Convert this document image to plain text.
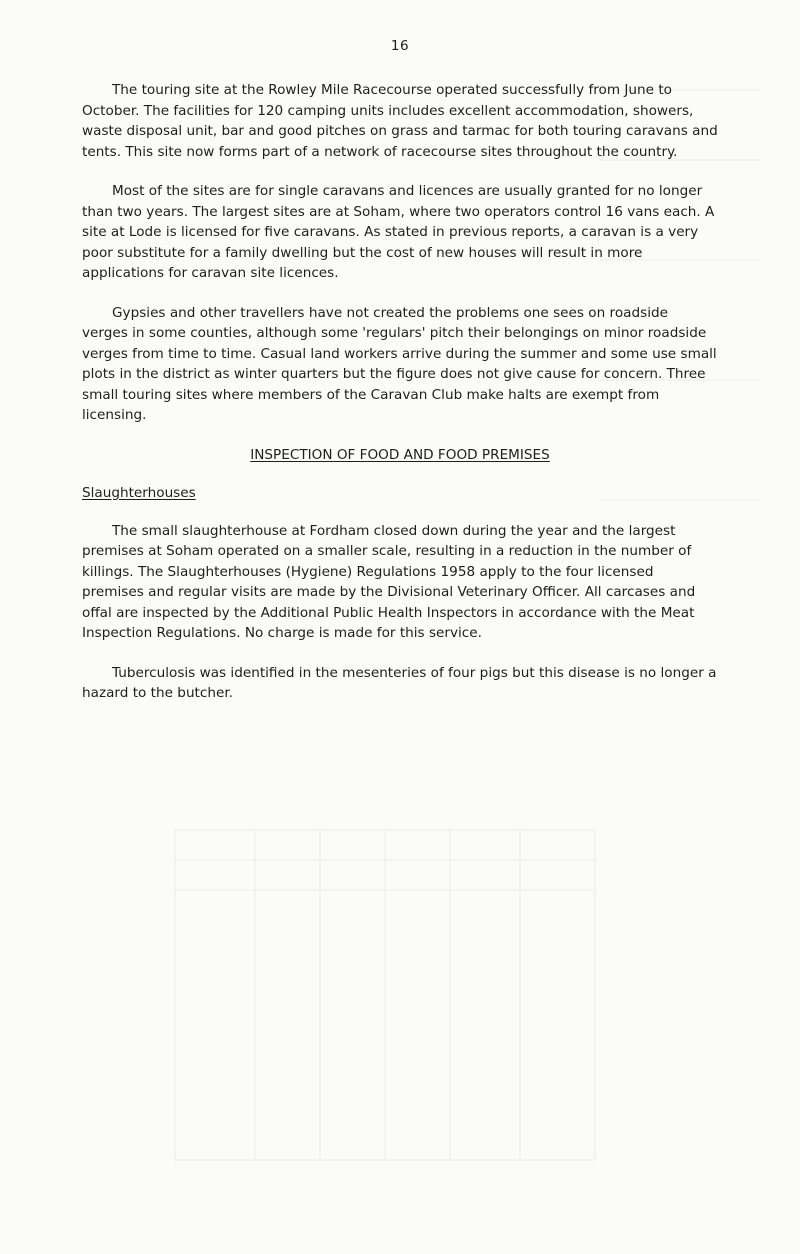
16

The touring site at the Rowley Mile Racecourse operated successfully from June to October. The facilities for 120 camping units includes excellent accommodation, showers, waste disposal unit, bar and good pitches on grass and tarmac for both touring caravans and tents. This site now forms part of a network of racecourse sites throughout the country.

Most of the sites are for single caravans and licences are usually granted for no longer than two years. The largest sites are at Soham, where two operators control 16 vans each. A site at Lode is licensed for five caravans. As stated in previous reports, a caravan is a very poor substitute for a family dwelling but the cost of new houses will result in more applications for caravan site licences.

Gypsies and other travellers have not created the problems one sees on roadside verges in some counties, although some 'regulars' pitch their belongings on minor roadside verges from time to time. Casual land workers arrive during the summer and some use small plots in the district as winter quarters but the figure does not give cause for concern. Three small touring sites where members of the Caravan Club make halts are exempt from licensing.

INSPECTION OF FOOD AND FOOD PREMISES
Slaughterhouses

The small slaughterhouse at Fordham closed down during the year and the largest premises at Soham operated on a smaller scale, resulting in a reduction in the number of killings. The Slaughterhouses (Hygiene) Regulations 1958 apply to the four licensed premises and regular visits are made by the Divisional Veterinary Officer. All carcases and offal are inspected by the Additional Public Health Inspectors in accordance with the Meat Inspection Regulations. No charge is made for this service.

Tuberculosis was identified in the mesenteries of four pigs but this disease is no longer a hazard to the butcher.
